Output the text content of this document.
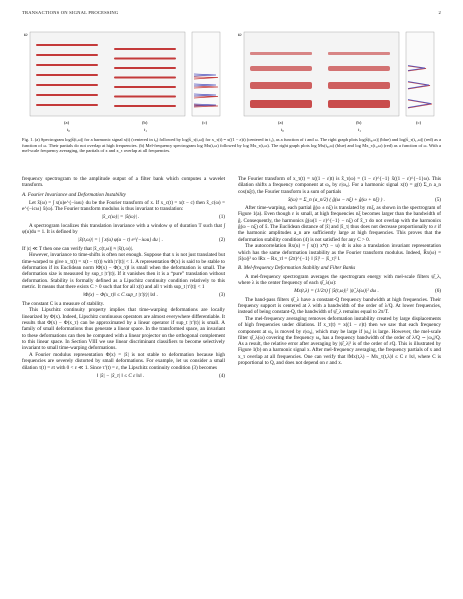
TRANSACTIONS ON SIGNAL PROCESSING	2
ω
(a)	(b)	(c)
t₀	t₁
ω
(a)	(b)	(c)
t₀	t₁
Fig. 1. (a) Spectrogram log|x̂(t,ω)| for a harmonic signal x(t) (centered in t₀) followed by log|x̂_τ(t,ω)| for x_τ(t) = x((1 − ε)t) (centered in t₁), as a function of t and ω. The right graph plots log|x̂(t₀,ω)| (blue) and log|x̂_τ(t₁,ω)| (red) as a function of ω. Their partials do not overlap at high frequencies. (b) Mel-frequency spectrogram log Mx(t,ω) followed by log Mx_τ(t,ω). The right graph plots log Mx(t₀,ω) (blue) and log Mx_τ(t₁,ω) (red) as a function of ω. With a mel-scale frequency averaging, the partials of x and x_τ overlap at all frequencies.

frequency spectrogram to the amplitude output of a filter bank which computes a wavelet transform.

A. Fourier Invariance and Deformation Instability

Let x̂(ω) = ∫ x(u)e^{−iωu} du be the Fourier transform of x. If x_c(t) = x(t − c) then x̂_c(ω) = e^{−icω} x̂(ω). The Fourier transform modulus is thus invariant to translation:

|x̂_c(ω)| = |x̂(ω)| .	(1)

A spectrogram localizes this translation invariance with a window φ of duration T such that ∫ φ(u)du = 1. It is defined by

|x̂(t,ω)| = | ∫ x(u) φ(u − t) e^{−iωu} du | .	(2)

If |c| ≪ T then one can verify that |x̂_c(t,ω)| ≈ |x̂(t,ω)|.

However, invariance to time-shifts is often not enough. Suppose that x is not just translated but time-warped to give x_τ(t) = x(t − τ(t)) with |τ′(t)| < 1. A representation Φ(x) is said to be stable to deformation if its Euclidean norm ‖Φ(x) − Φ(x_τ)‖ is small when the deformation is small. The deformation size is measured by sup_t |τ′(t)|. If it vanishes then it is a “pure” translation without deformation. Stability is formally defined as a Lipschitz continuity condition relatively to this metric. It means that there exists C > 0 such that for all x(t) and all τ with sup_t |τ′(t)| < 1

‖Φ(x) − Φ(x_τ)‖ ≤ C sup_t |τ′(t)| ‖x‖ .	(3)

The constant C is a measure of stability.

This Lipschitz continuity property implies that time-warping deformations are locally linearized by Φ(x). Indeed, Lipschitz continuous operators are almost everywhere differentiable. It results that Φ(x) − Φ(x_τ) can be approximated by a linear operator if sup_t |τ′(t)| is small. A family of small deformations thus generate a linear space. In the transformed space, an invariant to these deformations can then be computed with a linear projector on the orthogonal complement to this linear space. In Section VIII we use linear discriminant classifiers to become selectively invariant to small time-warping deformations.

A Fourier modulus representation Φ(x) = |x̂| is not stable to deformation because high frequencies are severely distorted by small deformations. For example, let us consider a small dilation τ(t) = εt with 0 < ε ≪ 1. Since τ′(t) = ε, the Lipschitz continuity condition (3) becomes

‖ |x̂| − |x̂_τ| ‖ ≤ C ε ‖x‖ .	(4)

The Fourier transform of x_τ(t) = x((1 − ε)t) is x̂_τ(ω) = (1 − ε)^{−1} x̂((1 − ε)^{−1}ω). This dilation shifts a frequency component at ω₀ by ε|ω₀|. For a harmonic signal x(t) = g(t) Σ_n a_n cos(nξt), the Fourier transform is a sum of partials

x̂(ω) = Σ_n (a_n/2) ( ĝ(ω − nξ) + ĝ(ω + nξ) ) .	(5)

After time-warping, each partial ĝ(ω ± nξ) is translated by εnξ, as shown in the spectrogram of Figure 1(a). Even though ε is small, at high frequencies nξ becomes larger than the bandwidth of ĝ. Consequently, the harmonics ĝ(ω(1 − ε)^{−1} − nξ) of x̂_τ do not overlap with the harmonics ĝ(ω − nξ) of x̂. The Euclidean distance of |x̂| and |x̂_τ| thus does not decrease proportionally to ε if the harmonic amplitudes a_n are sufficiently large at high frequencies. This proves that the deformation stability condition (4) is not satisfied for any C > 0.

The autocorrelation Rx(u) = ∫ x(t) x*(t − u) dt is also a translation invariant representation which has the same deformation instability as the Fourier transform modulus. Indeed, R̂x(ω) = |x̂(ω)|² so ‖Rx − Rx_τ‖ = (2π)^{−1} ‖ |x̂|² − |x̂_τ|² ‖.

B. Mel-frequency Deformation Stability and Filter Banks

A mel-frequency spectrogram averages the spectrogram energy with mel-scale filters ψ̂_λ, where λ is the center frequency of each ψ̂_λ(ω):

Mx(t,λ) = (1/2π) ∫ |x̂(t,ω)|² |ψ̂_λ(ω)|² dω .	(6)

The band-pass filters ψ̂_λ have a constant-Q frequency bandwidth at high frequencies. Their frequency support is centered at λ with a bandwidth of the order of λ/Q. At lower frequencies, instead of being constant-Q, the bandwidth of ψ̂_λ remains equal to 2π/T.

The mel-frequency averaging removes deformation instability created by large displacements of high frequencies under dilations. If x_τ(t) = x((1 − ε)t) then we saw that each frequency component at ω₀ is moved by ε|ω₀|, which may be large if |ω₀| is large. However, the mel-scale filter ψ̂_λ(ω) covering the frequency ω₀ has a frequency bandwidth of the order of λ/Q ∼ |ω₀|/Q. As a result, the relative error after averaging by |ψ̂_λ|² is of the order of εQ. This is illustrated by Figure 1(b) on a harmonic signal x. After mel-frequency averaging, the frequency partials of x and x_τ overlap at all frequencies. One can verify that ‖Mx(t,λ) − Mx_τ(t,λ)‖ ≤ C ε ‖x‖, where C is proportional to Q, and does not depend on ε and x.
